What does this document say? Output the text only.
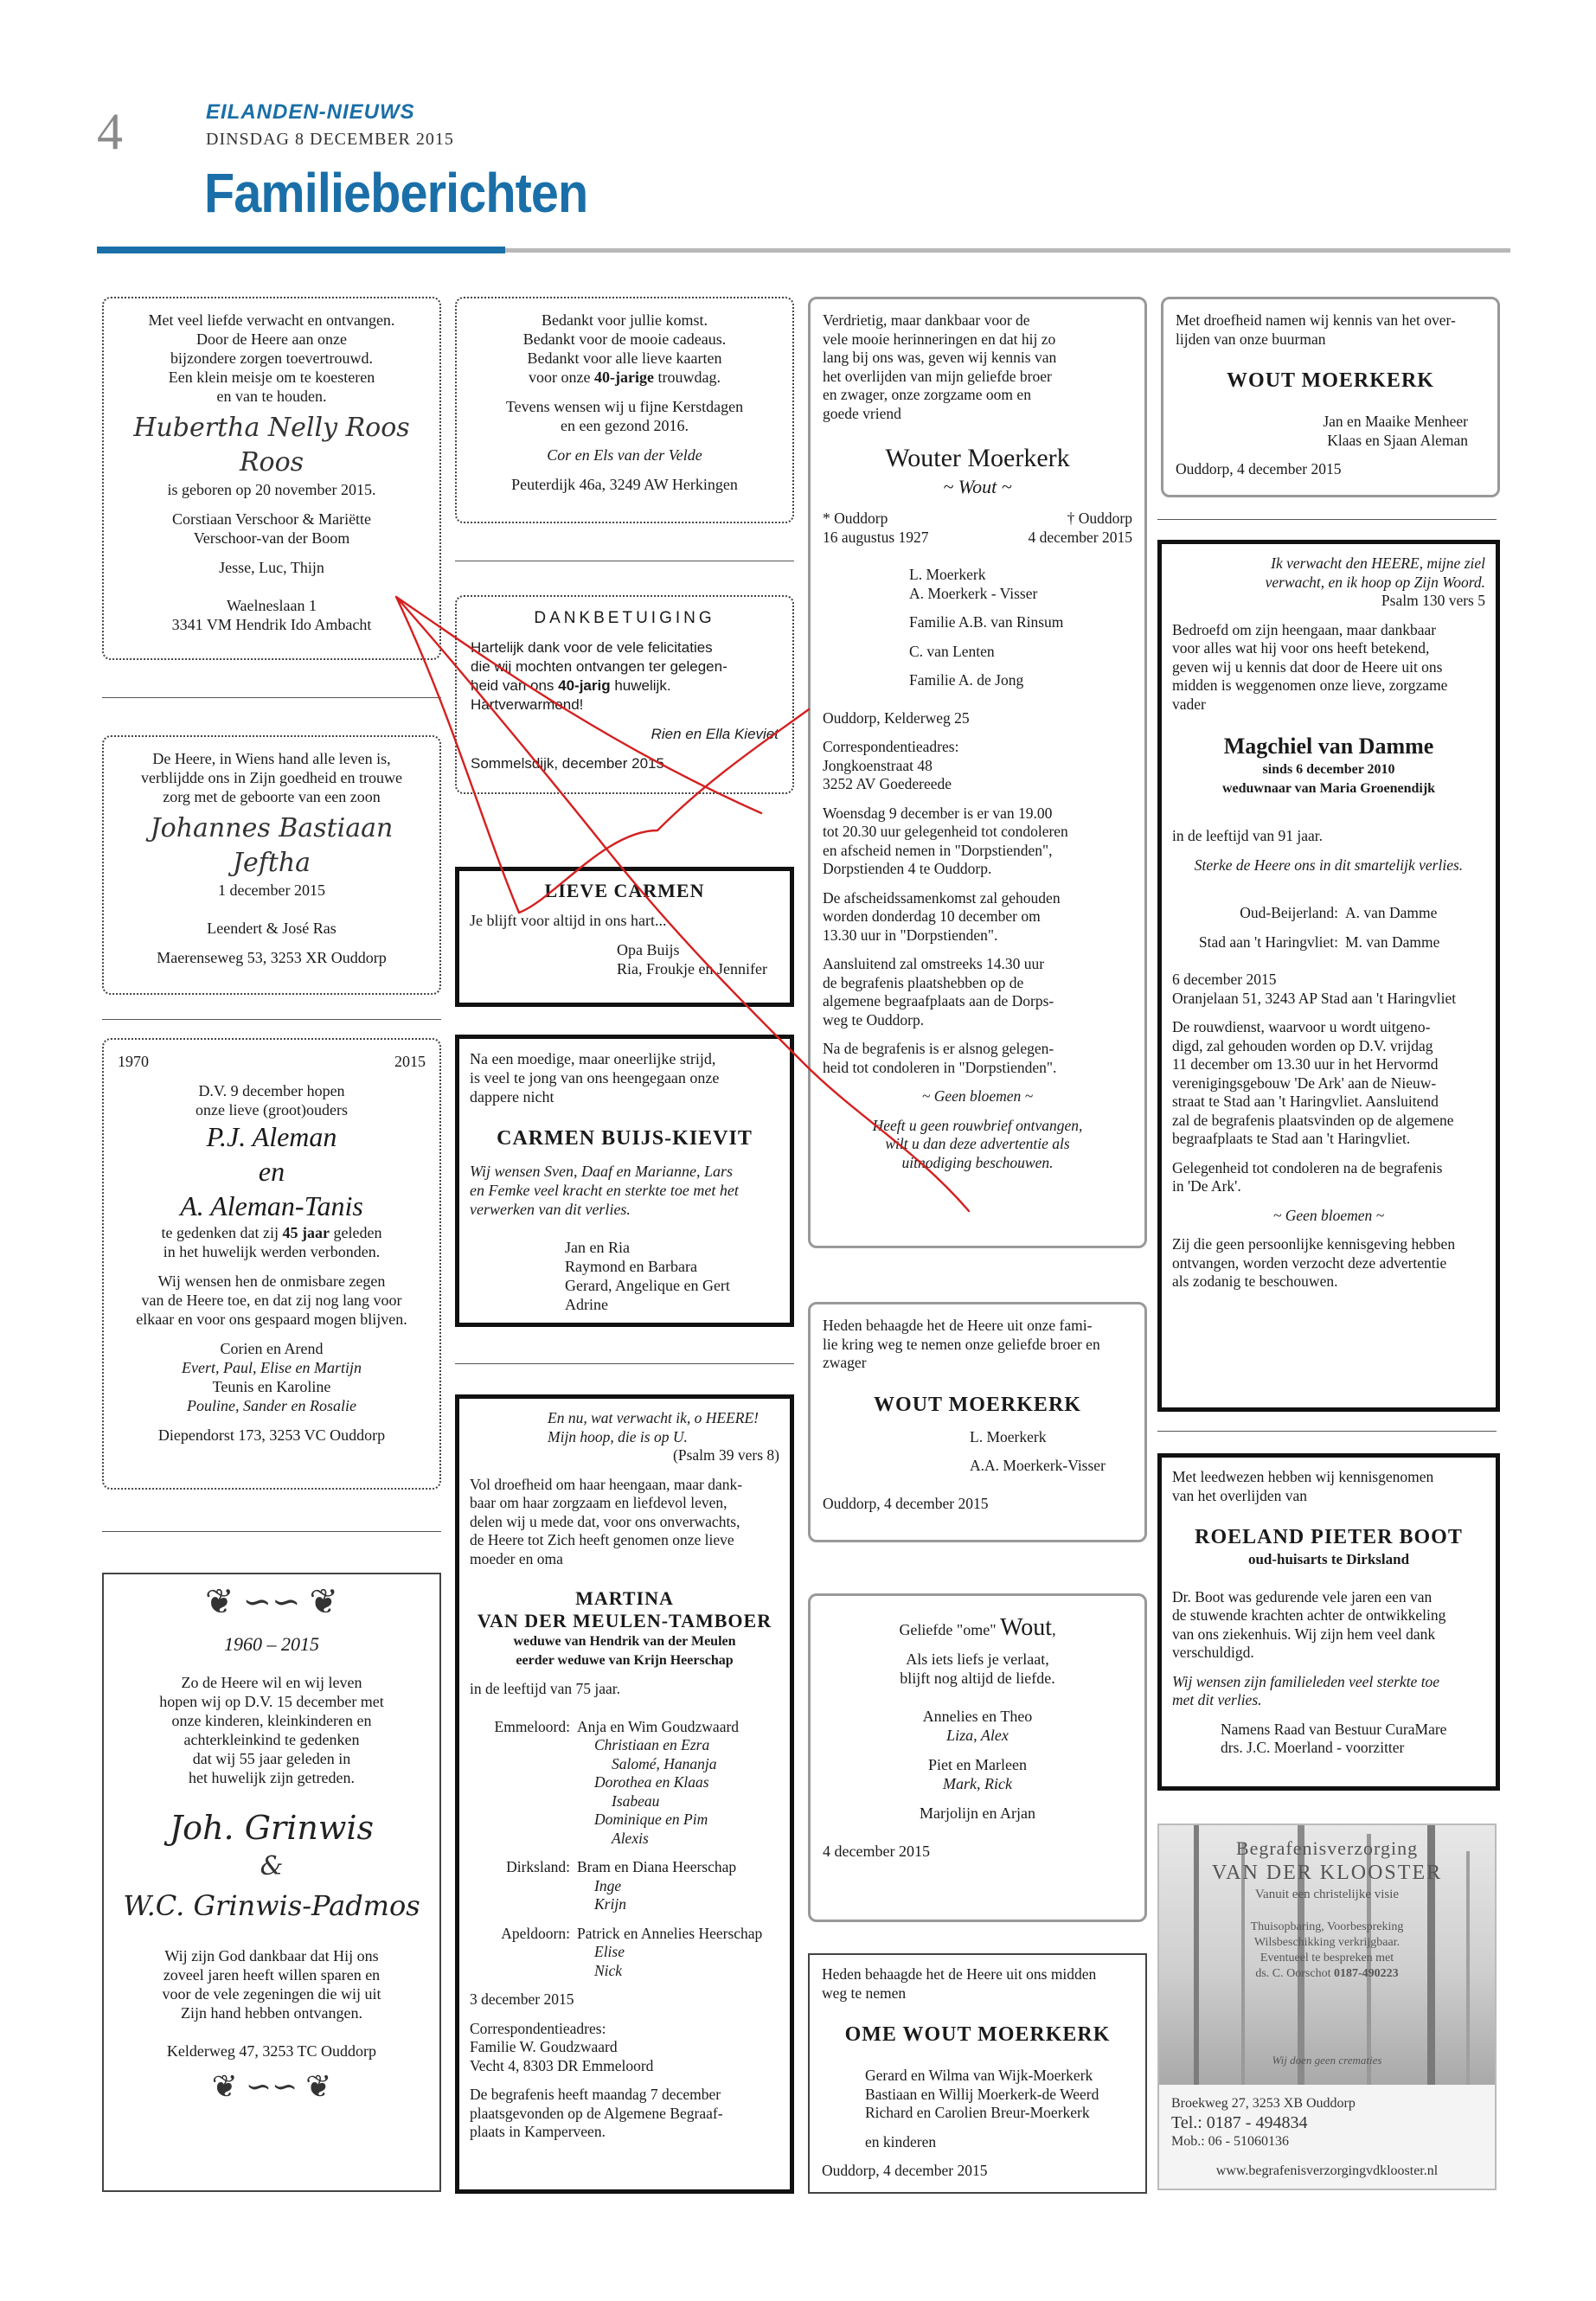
4	EILANDEN-NIEUWS
DINSDAG 8 DECEMBER 2015
Familieberichten
Met veel liefde verwacht en ontvangen.
Door de Heere aan onze
bijzondere zorgen toevertrouwd.
Een klein meisje om te koesteren
en van te houden.
Hubertha Nelly Roos
Roos
is geboren op 20 november 2015.
Corstiaan Verschoor & Mariëtte
Verschoor-van der Boom
Jesse, Luc, Thijn
Waelneslaan 1
3341 VM Hendrik Ido Ambacht
De Heere, in Wiens hand alle leven is,
verblijdde ons in Zijn goedheid en trouwe
zorg met de geboorte van een zoon
Johannes Bastiaan
Jeftha
1 december 2015
Leendert & José Ras
Maerenseweg 53, 3253 XR Ouddorp
1970	2015
D.V. 9 december hopen
onze lieve (groot)ouders
P.J. Aleman
en
A. Aleman-Tanis
te gedenken dat zij 45 jaar geleden
in het huwelijk werden verbonden.
Wij wensen hen de onmisbare zegen
van de Heere toe, en dat zij nog lang voor
elkaar en voor ons gespaard mogen blijven.
Corien en Arend
Evert, Paul, Elise en Martijn
Teunis en Karoline
Pouline, Sander en Rosalie
Diependorst 173, 3253 VC Ouddorp
❦ ∽∽ ❦
1960 – 2015
Zo de Heere wil en wij leven
hopen wij op D.V. 15 december met
onze kinderen, kleinkinderen en
achterkleinkind te gedenken
dat wij 55 jaar geleden in
het huwelijk zijn getreden.
Joh. Grinwis
&
W.C. Grinwis-Padmos
Wij zijn God dankbaar dat Hij ons
zoveel jaren heeft willen sparen en
voor de vele zegeningen die wij uit
Zijn hand hebben ontvangen.
Kelderweg 47, 3253 TC Ouddorp
❦ ∽∽ ❦
Bedankt voor jullie komst.
Bedankt voor de mooie cadeaus.
Bedankt voor alle lieve kaarten
voor onze 40-jarige trouwdag.
Tevens wensen wij u fijne Kerstdagen
en een gezond 2016.
Cor en Els van der Velde
Peuterdijk 46a, 3249 AW Herkingen
DANKBETUIGING
Hartelijk dank voor de vele felicitaties
die wij mochten ontvangen ter gelegen-
heid van ons 40-jarig huwelijk.
Hartverwarmend!
Rien en Ella Kieviet
Sommelsdijk, december 2015
LIEVE CARMEN
Je blijft voor altijd in ons hart...
Opa Buijs
Ria, Froukje en Jennifer
Na een moedige, maar oneerlijke strijd,
is veel te jong van ons heengegaan onze
dappere nicht
CARMEN BUIJS-KIEVIT
Wij wensen Sven, Daaf en Marianne, Lars
en Femke veel kracht en sterkte toe met het
verwerken van dit verlies.
Jan en Ria
Raymond en Barbara
Gerard, Angelique en Gert
Adrine
En nu, wat verwacht ik, o HEERE!
Mijn hoop, die is op U.
(Psalm 39 vers 8)
Vol droefheid om haar heengaan, maar dank-
baar om haar zorgzaam en liefdevol leven,
delen wij u mede dat, voor ons onverwachts,
de Heere tot Zich heeft genomen onze lieve
moeder en oma
MARTINA
VAN DER MEULEN-TAMBOER
weduwe van Hendrik van der Meulen
eerder weduwe van Krijn Heerschap
in de leeftijd van 75 jaar.
Emmeloord: Anja en Wim Goudzwaard
Christiaan en Ezra
Salomé, Hananja
Dorothea en Klaas
Isabeau
Dominique en Pim
Alexis
Dirksland: Bram en Diana Heerschap
Inge
Krijn
Apeldoorn: Patrick en Annelies Heerschap
Elise
Nick
3 december 2015
Correspondentieadres:
Familie W. Goudzwaard
Vecht 4, 8303 DR Emmeloord
De begrafenis heeft maandag 7 december
plaatsgevonden op de Algemene Begraaf-
plaats in Kamperveen.
Verdrietig, maar dankbaar voor de
vele mooie herinneringen en dat hij zo
lang bij ons was, geven wij kennis van
het overlijden van mijn geliefde broer
en zwager, onze zorgzame oom en
goede vriend
Wouter Moerkerk
~ Wout ~
* Ouddorp	† Ouddorp
16 augustus 1927	4 december 2015
L. Moerkerk
A. Moerkerk - Visser
Familie A.B. van Rinsum
C. van Lenten
Familie A. de Jong
Ouddorp, Kelderweg 25
Correspondentieadres:
Jongkoenstraat 48
3252 AV Goedereede
Woensdag 9 december is er van 19.00
tot 20.30 uur gelegenheid tot condoleren
en afscheid nemen in "Dorpstienden",
Dorpstienden 4 te Ouddorp.
De afscheidssamenkomst zal gehouden
worden donderdag 10 december om
13.30 uur in "Dorpstienden".
Aansluitend zal omstreeks 14.30 uur
de begrafenis plaatshebben op de
algemene begraafplaats aan de Dorps-
weg te Ouddorp.
Na de begrafenis is er alsnog gelegen-
heid tot condoleren in "Dorpstienden".
~ Geen bloemen ~
Heeft u geen rouwbrief ontvangen,
wilt u dan deze advertentie als
uitnodiging beschouwen.
Heden behaagde het de Heere uit onze fami-
lie kring weg te nemen onze geliefde broer en
zwager
WOUT MOERKERK
L. Moerkerk
A.A. Moerkerk-Visser
Ouddorp, 4 december 2015
Geliefde "ome" Wout,
Als iets liefs je verlaat,
blijft nog altijd de liefde.
Annelies en Theo
Liza, Alex
Piet en Marleen
Mark, Rick
Marjolijn en Arjan
4 december 2015
Heden behaagde het de Heere uit ons midden
weg te nemen
OME WOUT MOERKERK
Gerard en Wilma van Wijk-Moerkerk
Bastiaan en Willij Moerkerk-de Weerd
Richard en Carolien Breur-Moerkerk
en kinderen
Ouddorp, 4 december 2015
Met droefheid namen wij kennis van het over-
lijden van onze buurman
WOUT MOERKERK
Jan en Maaike Menheer
Klaas en Sjaan Aleman
Ouddorp, 4 december 2015
Ik verwacht den HEERE, mijne ziel
verwacht, en ik hoop op Zijn Woord.
Psalm 130 vers 5
Bedroefd om zijn heengaan, maar dankbaar
voor alles wat hij voor ons heeft betekend,
geven wij u kennis dat door de Heere uit ons
midden is weggenomen onze lieve, zorgzame
vader
Magchiel van Damme
sinds 6 december 2010
weduwnaar van Maria Groenendijk
in de leeftijd van 91 jaar.
Sterke de Heere ons in dit smartelijk verlies.
Oud-Beijerland: A. van Damme
Stad aan 't Haringvliet: M. van Damme
6 december 2015
Oranjelaan 51, 3243 AP Stad aan 't Haringvliet
De rouwdienst, waarvoor u wordt uitgeno-
digd, zal gehouden worden op D.V. vrijdag
11 december om 13.30 uur in het Hervormd
verenigingsgebouw 'De Ark' aan de Nieuw-
straat te Stad aan 't Haringvliet. Aansluitend
zal de begrafenis plaatsvinden op de algemene
begraafplaats te Stad aan 't Haringvliet.
Gelegenheid tot condoleren na de begrafenis
in 'De Ark'.
~ Geen bloemen ~
Zij die geen persoonlijke kennisgeving hebben
ontvangen, worden verzocht deze advertentie
als zodanig te beschouwen.
Met leedwezen hebben wij kennisgenomen
van het overlijden van
ROELAND PIETER BOOT
oud-huisarts te Dirksland
Dr. Boot was gedurende vele jaren een van
de stuwende krachten achter de ontwikkeling
van ons ziekenhuis. Wij zijn hem veel dank
verschuldigd.
Wij wensen zijn familieleden veel sterkte toe
met dit verlies.
Namens Raad van Bestuur CuraMare
drs. J.C. Moerland - voorzitter
Begrafenisverzorging
VAN DER KLOOSTER
Vanuit een christelijke visie
Thuisopbaring, Voorbespreking
Wilsbeschikking verkrijgbaar.
Eventueel te bespreken met
ds. C. Oorschot 0187-490223
Wij doen geen crematies
Broekweg 27, 3253 XB Ouddorp
Tel.: 0187 - 494834
Mob.: 06 - 51060136
www.begrafenisverzorgingvdklooster.nl
